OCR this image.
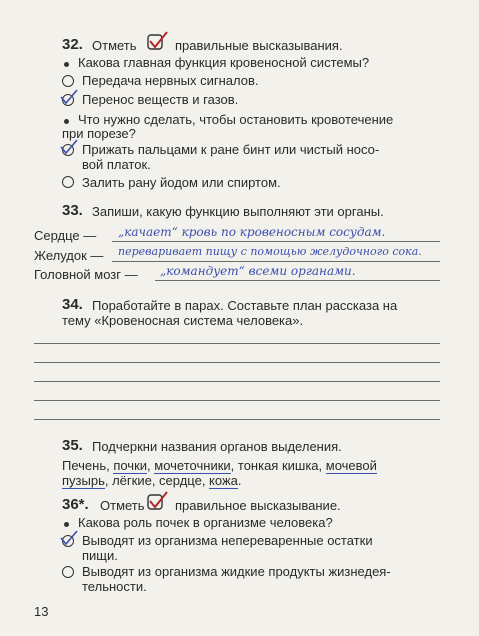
32. Отметь	правильные высказывания.
Какова главная функция кровеносной системы?
Передача нервных сигналов.
Перенос веществ и газов.
Что нужно сделать, чтобы остановить кровотечение
при порезе?
Прижать пальцами к ране бинт или чистый носо-
вой платок.
Залить рану йодом или спиртом.
33. Запиши, какую функцию выполняют эти органы.
Сердце — „качает“ кровь по кровеносным сосудам.
Желудок — переваривает пищу с помощью желудочного сока.
Головной мозг — „командует“ всеми органами.
34. Поработайте в парах. Составьте план рассказа на
тему «Кровеносная система человека».
35. Подчеркни названия органов выделения.
Печень, почки, мочеточники, тонкая кишка, мочевой
пузырь, лёгкие, сердце, кожа.
36*. Отметь правильное высказывание.
Какова роль почек в организме человека?
Выводят из организма непереваренные остатки
пищи.
Выводят из организма жидкие продукты жизнедея-
тельности.
13
